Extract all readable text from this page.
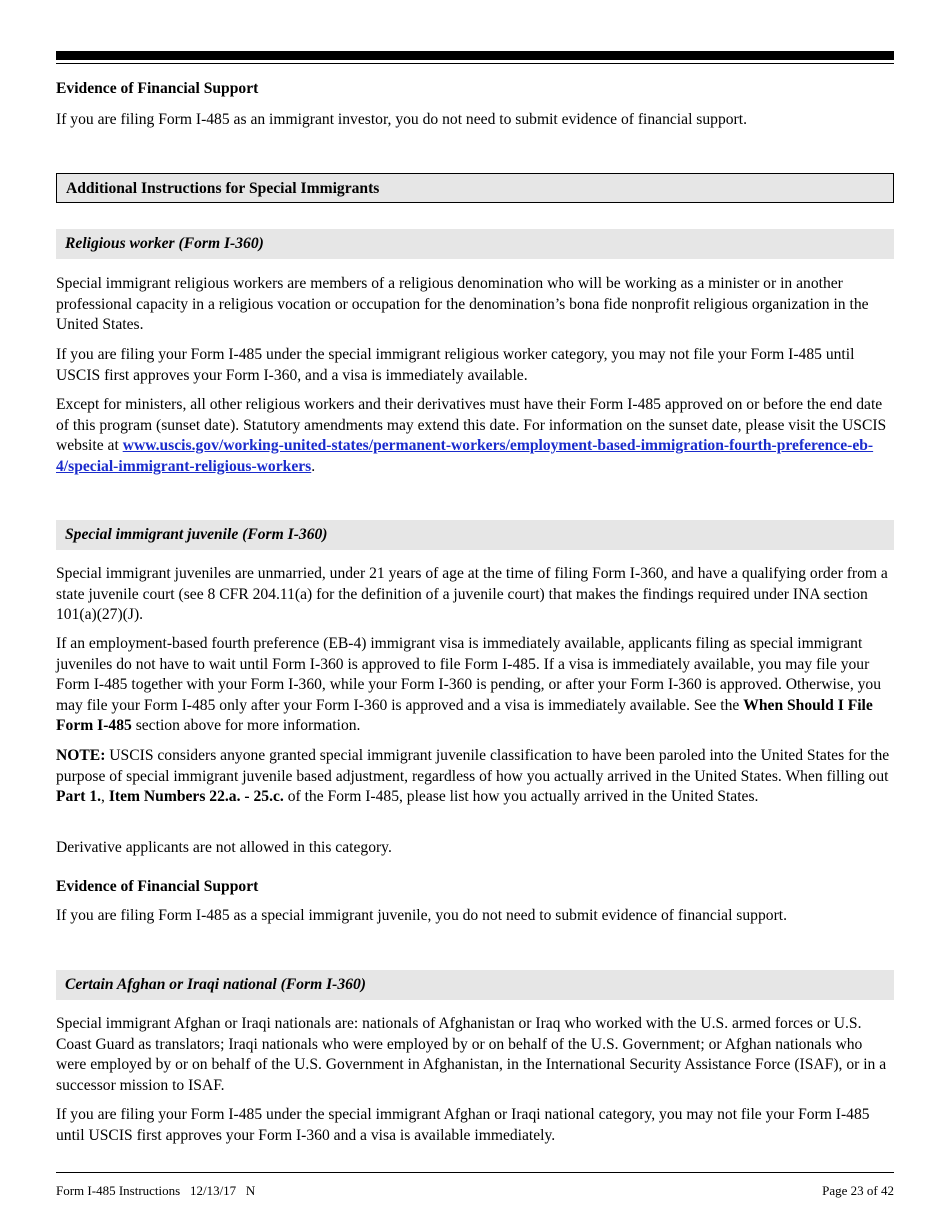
Evidence of Financial Support

If you are filing Form I-485 as an immigrant investor, you do not need to submit evidence of financial support.

Additional Instructions for Special Immigrants
Religious worker (Form I-360)

Special immigrant religious workers are members of a religious denomination who will be working as a minister or in another professional capacity in a religious vocation or occupation for the denomination’s bona fide nonprofit religious organization in the United States.

If you are filing your Form I-485 under the special immigrant religious worker category, you may not file your Form I-485 until USCIS first approves your Form I-360, and a visa is immediately available.

Except for ministers, all other religious workers and their derivatives must have their Form I-485 approved on or before the end date of this program (sunset date). Statutory amendments may extend this date. For information on the sunset date, please visit the USCIS website at www.uscis.gov/working-united-states/permanent-workers/employment-based-immigration-fourth-preference-eb-4/special-immigrant-religious-workers.

Special immigrant juvenile (Form I-360)

Special immigrant juveniles are unmarried, under 21 years of age at the time of filing Form I-360, and have a qualifying order from a state juvenile court (see 8 CFR 204.11(a) for the definition of a juvenile court) that makes the findings required under INA section 101(a)(27)(J).

If an employment-based fourth preference (EB-4) immigrant visa is immediately available, applicants filing as special immigrant juveniles do not have to wait until Form I-360 is approved to file Form I-485. If a visa is immediately available, you may file your Form I-485 together with your Form I-360, while your Form I-360 is pending, or after your Form I-360 is approved. Otherwise, you may file your Form I-485 only after your Form I-360 is approved and a visa is immediately available. See the When Should I File Form I-485 section above for more information.

NOTE: USCIS considers anyone granted special immigrant juvenile classification to have been paroled into the United States for the purpose of special immigrant juvenile based adjustment, regardless of how you actually arrived in the United States. When filling out Part 1., Item Numbers 22.a. - 25.c. of the Form I-485, please list how you actually arrived in the United States.

Derivative applicants are not allowed in this category.

Evidence of Financial Support

If you are filing Form I-485 as a special immigrant juvenile, you do not need to submit evidence of financial support.

Certain Afghan or Iraqi national (Form I-360)

Special immigrant Afghan or Iraqi nationals are: nationals of Afghanistan or Iraq who worked with the U.S. armed forces or U.S. Coast Guard as translators; Iraqi nationals who were employed by or on behalf of the U.S. Government; or Afghan nationals who were employed by or on behalf of the U.S. Government in Afghanistan, in the International Security Assistance Force (ISAF), or in a successor mission to ISAF.

If you are filing your Form I-485 under the special immigrant Afghan or Iraqi national category, you may not file your Form I-485 until USCIS first approves your Form I-360 and a visa is available immediately.

Form I-485 Instructions   12/13/17   N	Page 23 of 42
